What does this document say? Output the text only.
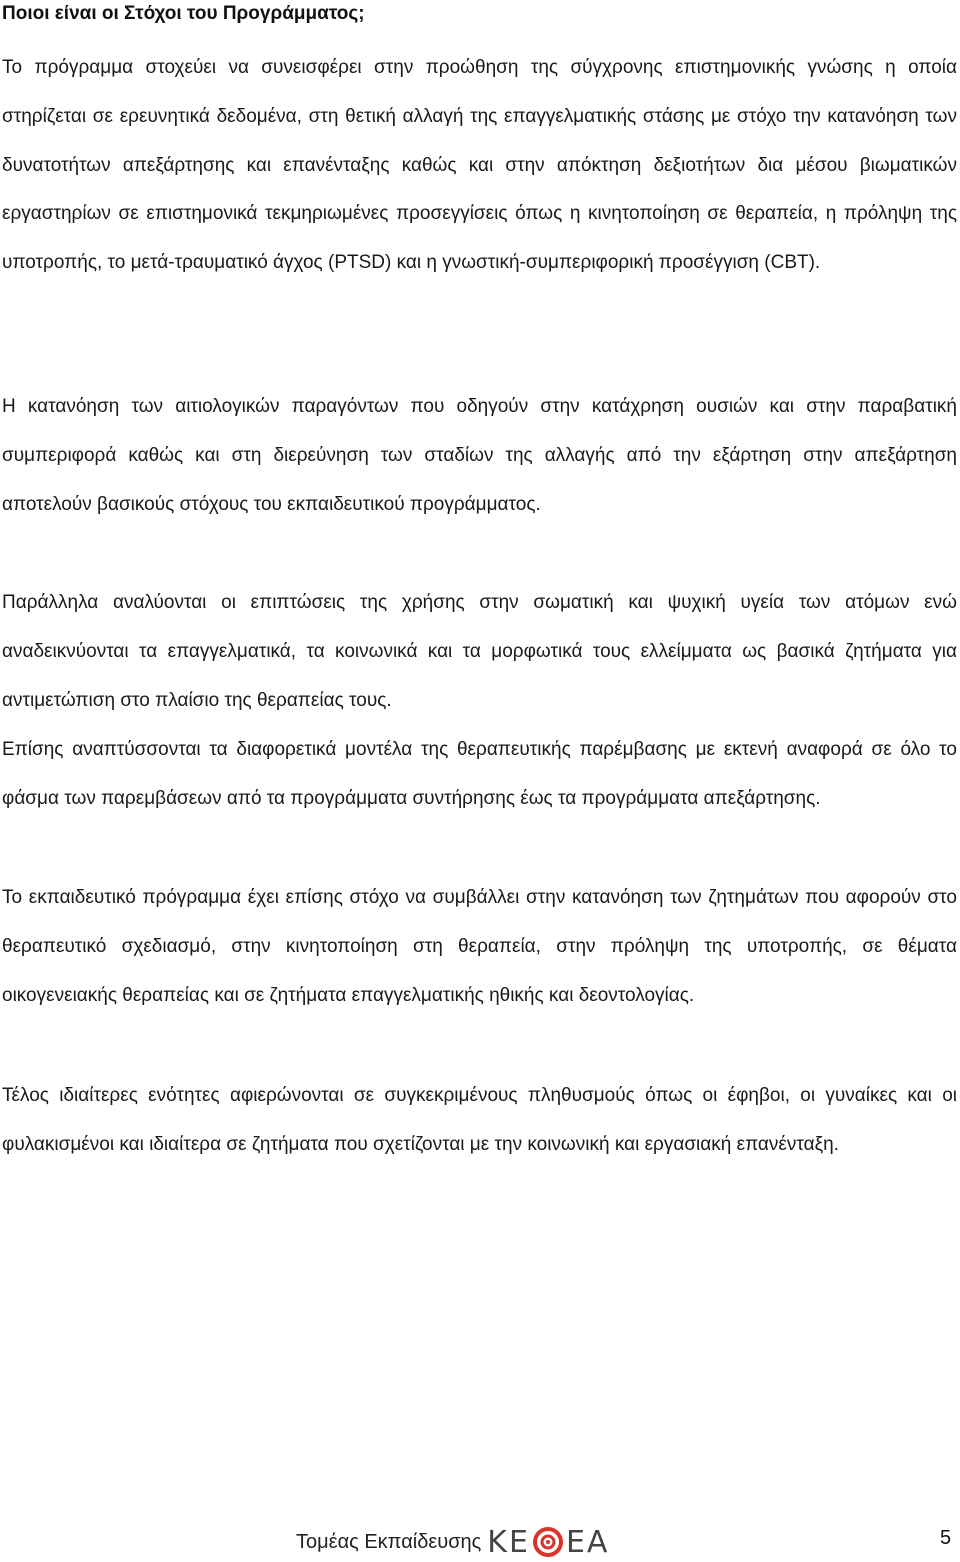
Ποιοι είναι οι Στόχοι του Προγράμματος;

Το πρόγραμμα στοχεύει να συνεισφέρει στην προώθηση της σύγχρονης επιστημονικής γνώσης η οποία στηρίζεται σε ερευνητικά δεδομένα, στη θετική αλλαγή της επαγγελματικής στάσης με στόχο την κατανόηση των δυνατοτήτων απεξάρτησης και επανένταξης καθώς και στην απόκτηση δεξιοτήτων δια μέσου βιωματικών εργαστηρίων σε επιστημονικά τεκμηριωμένες προσεγγίσεις όπως η κινητοποίηση σε θεραπεία, η πρόληψη της υποτροπής, το μετά-τραυματικό άγχος (PTSD) και η γνωστική-συμπεριφορική προσέγγιση (CBT).

Η κατανόηση των αιτιολογικών παραγόντων που οδηγούν στην κατάχρηση ουσιών και στην παραβατική συμπεριφορά καθώς και στη διερεύνηση των σταδίων της αλλαγής από την εξάρτηση στην απεξάρτηση αποτελούν βασικούς στόχους του εκπαιδευτικού προγράμματος.

Παράλληλα αναλύονται οι επιπτώσεις της χρήσης στην σωματική και ψυχική υγεία των ατόμων ενώ αναδεικνύονται τα επαγγελματικά, τα κοινωνικά και τα μορφωτικά τους ελλείμματα ως βασικά ζητήματα για αντιμετώπιση στο πλαίσιο της θεραπείας τους.

Επίσης αναπτύσσονται τα διαφορετικά μοντέλα της θεραπευτικής παρέμβασης με εκτενή αναφορά σε όλο το φάσμα των παρεμβάσεων από τα προγράμματα συντήρησης έως τα προγράμματα απεξάρτησης.

Το εκπαιδευτικό πρόγραμμα έχει επίσης στόχο να συμβάλλει στην κατανόηση των ζητημάτων που αφορούν στο θεραπευτικό σχεδιασμό, στην κινητοποίηση στη θεραπεία, στην πρόληψη της υποτροπής, σε θέματα οικογενειακής θεραπείας και σε ζητήματα επαγγελματικής ηθικής και δεοντολογίας.

Τέλος ιδιαίτερες ενότητες αφιερώνονται σε συγκεκριμένους πληθυσμούς όπως οι έφηβοι, οι γυναίκες και οι φυλακισμένοι και ιδιαίτερα σε ζητήματα που σχετίζονται με την κοινωνική και εργασιακή επανένταξη.

Τομέας Εκπαίδευσης KE EA	5
